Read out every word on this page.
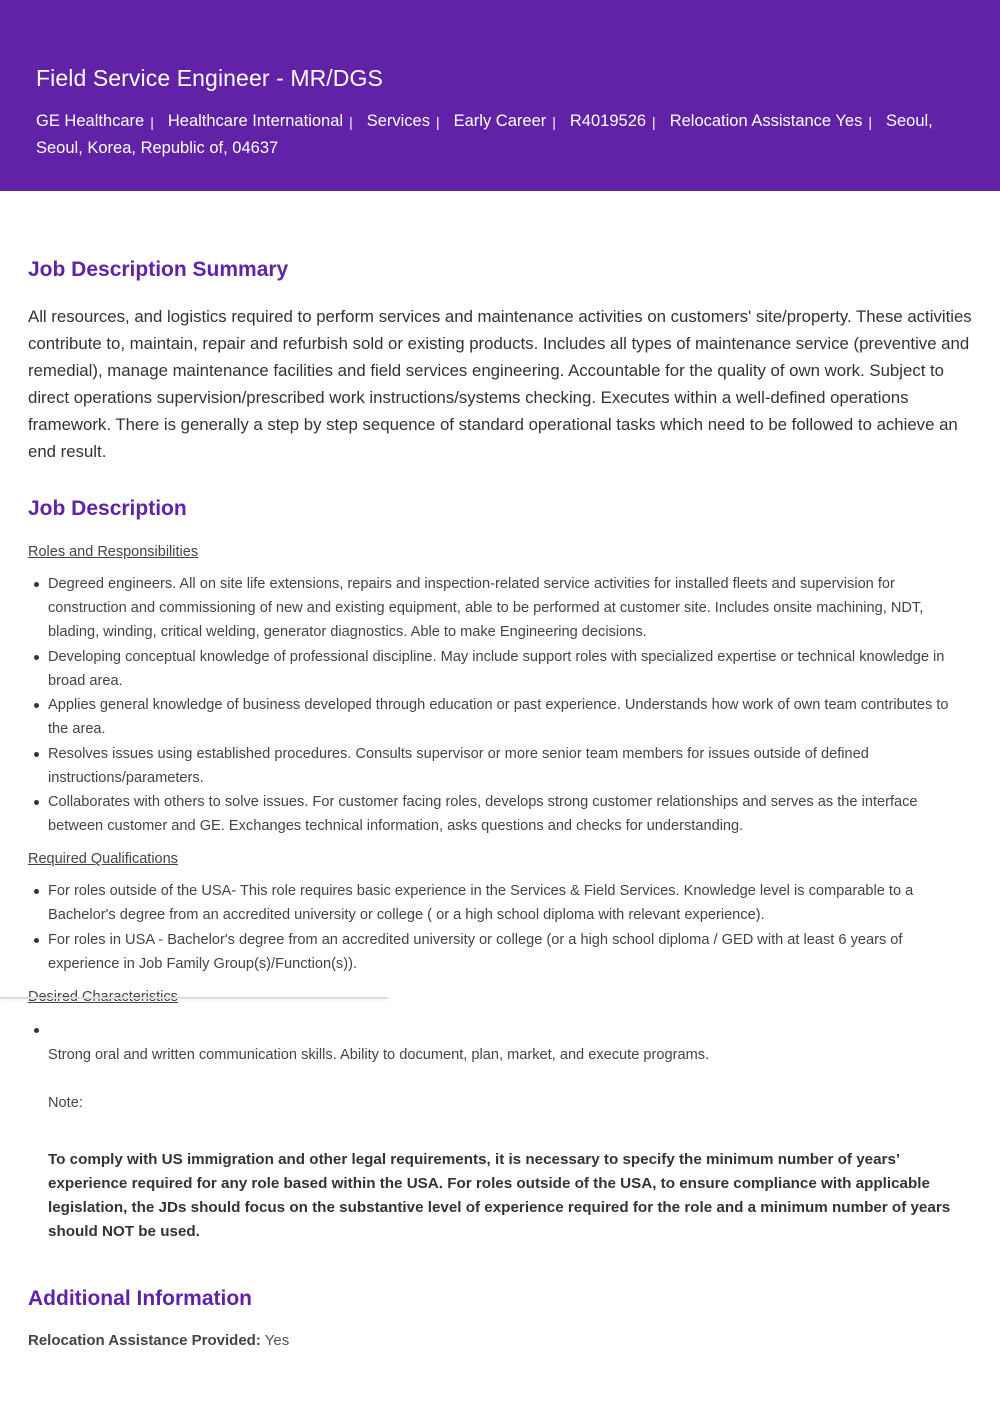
Field Service Engineer - MR/DGS
GE Healthcare | Healthcare International | Services | Early Career | R4019526 | Relocation Assistance Yes | Seoul, Seoul, Korea, Republic of, 04637
Job Description Summary

All resources, and logistics required to perform services and maintenance activities on customers' site/property. These activities contribute to, maintain, repair and refurbish sold or existing products. Includes all types of maintenance service (preventive and remedial), manage maintenance facilities and field services engineering. Accountable for the quality of own work. Subject to direct operations supervision/prescribed work instructions/systems checking. Executes within a well-defined operations framework. There is generally a step by step sequence of standard operational tasks which need to be followed to achieve an end result.

Job Description

Roles and Responsibilities

Degreed engineers. All on site life extensions, repairs and inspection-related service activities for installed fleets and supervision for construction and commissioning of new and existing equipment, able to be performed at customer site. Includes onsite machining, NDT, blading, winding, critical welding, generator diagnostics. Able to make Engineering decisions.
Developing conceptual knowledge of professional discipline. May include support roles with specialized expertise or technical knowledge in broad area.
Applies general knowledge of business developed through education or past experience. Understands how work of own team contributes to the area.
Resolves issues using established procedures. Consults supervisor or more senior team members for issues outside of defined instructions/parameters.
Collaborates with others to solve issues. For customer facing roles, develops strong customer relationships and serves as the interface between customer and GE. Exchanges technical information, asks questions and checks for understanding.

Required Qualifications

For roles outside of the USA- This role requires basic experience in the Services & Field Services. Knowledge level is comparable to a Bachelor's degree from an accredited university or college ( or a high school diploma with relevant experience).
For roles in USA - Bachelor's degree from an accredited university or college (or a high school diploma / GED with at least 6 years of experience in Job Family Group(s)/Function(s)).

Strong oral and written communication skills. Ability to document, plan, market, and execute programs.

Note:

To comply with US immigration and other legal requirements, it is necessary to specify the minimum number of years’ experience required for any role based within the USA. For roles outside of the USA, to ensure compliance with applicable legislation, the JDs should focus on the substantive level of experience required for the role and a minimum number of years should NOT be used.

Additional Information
Relocation Assistance Provided: Yes
